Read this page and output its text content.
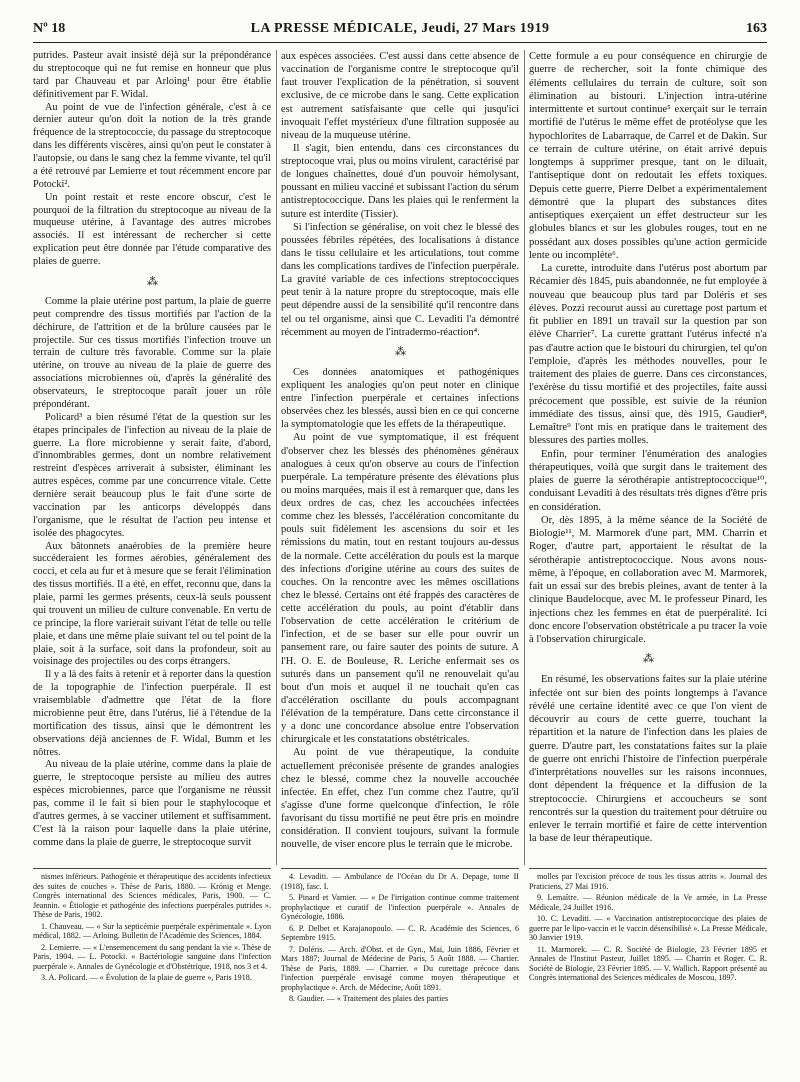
Nº 18	LA PRESSE MÉDICALE, Jeudi, 27 Mars 1919	163

putrides. Pasteur avait insisté déjà sur la prépondérance du streptocoque qui ne fut remise en honneur que plus tard par Chauveau et par Arloing¹ pour être établie définitivement par F. Widal.

Au point de vue de l'infection générale, c'est à ce dernier auteur qu'on doit la notion de la très grande fréquence de la streptococcie, du passage du streptocoque dans les différents viscères, ainsi qu'on peut le constater à l'autopsie, ou dans le sang chez la femme vivante, tel qu'il a été retrouvé par Lemierre et tout récemment encore par Potocki².

Un point restait et reste encore obscur, c'est le pourquoi de la filtration du streptocoque au niveau de la muqueuse utérine, à l'avantage des autres microbes associés. Il est intéressant de rechercher si cette explication peut être donnée par l'étude comparative des plaies de guerre.

⁂

Comme la plaie utérine post partum, la plaie de guerre peut comprendre des tissus mortifiés par l'action de la déchirure, de l'attrition et de la brûlure causées par le projectile. Sur ces tissus mortifiés l'infection trouve un terrain de culture très favorable. Comme sur la plaie utérine, on trouve au niveau de la plaie de guerre des associations microbiennes où, d'après la généralité des observateurs, le streptocoque paraît jouer un rôle prépondérant.

Policard³ a bien résumé l'état de la question sur les étapes principales de l'infection au niveau de la plaie de guerre. La flore microbienne y serait faite, d'abord, d'innombrables germes, dont un nombre relativement restreint d'espèces arriverait à subsister, éliminant les autres espèces, comme par une concurrence vitale. Cette dernière serait beaucoup plus le fait d'une sorte de vaccination par les anticorps développés dans l'organisme, que le résultat de l'action peu intense et isolée des phagocytes.

Aux bâtonnets anaérobies de la première heure succéderaient les formes aérobies, généralement des cocci, et cela au fur et à mesure que se ferait l'élimination des tissus mortifiés. Il a été, en effet, reconnu que, dans la plaie, parmi les germes présents, ceux-là seuls poussent qui trouvent un milieu de culture convenable. En vertu de ce principe, la flore varierait suivant l'état de telle ou telle plaie, et dans une même plaie suivant tel ou tel point de la plaie, soit à la surface, soit dans la profondeur, soit au voisinage des projectiles ou des corps étrangers.

Il y a là des faits à retenir et à reporter dans la question de la topographie de l'infection puerpérale. Il est vraisemblable d'admettre que l'état de la flore microbienne peut être, dans l'utérus, lié à l'étendue de la mortification des tissus, ainsi que le démontrent les observations déjà anciennes de F. Widal, Bumm et les nôtres.

Au niveau de la plaie utérine, comme dans la plaie de guerre, le streptocoque persiste au milieu des autres espèces microbiennes, parce que l'organisme ne réussit pas, comme il le fait si bien pour le staphylocoque et d'autres germes, à se vacciner utilement et suffisamment. C'est là la raison pour laquelle dans la plaie utérine, comme dans la plaie de guerre, le streptocoque survit

aux espèces associées. C'est aussi dans cette absence de vaccination de l'organisme contre le streptocoque qu'il faut trouver l'explication de la pénétration, si souvent exclusive, de ce microbe dans le sang. Cette explication est autrement satisfaisante que celle qui jusqu'ici invoquait l'effet mystérieux d'une filtration supposée au niveau de la muqueuse utérine.

Il s'agit, bien entendu, dans ces circonstances du streptocoque vrai, plus ou moins virulent, caractérisé par de longues chaînettes, doué d'un pouvoir hémolysant, poussant en milieu vacciné et subissant l'action du sérum antistreptococcique. Dans les plaies qui le renferment la suture est interdite (Tissier).

Si l'infection se généralise, on voit chez le blessé des poussées fébriles répétées, des localisations à distance dans le tissu cellulaire et les articulations, tout comme dans les complications tardives de l'infection puerpérale. La gravité variable de ces infections streptococciques peut tenir à la nature propre du streptocoque, mais elle peut dépendre aussi de la sensibilité qu'il rencontre dans tel ou tel organisme, ainsi que C. Levaditi l'a démontré récemment au moyen de l'intradermo-réaction⁴.

⁂

Ces données anatomiques et pathogéniques expliquent les analogies qu'on peut noter en clinique entre l'infection puerpérale et certaines infections observées chez les blessés, aussi bien en ce qui concerne la symptomatologie que les effets de la thérapeutique.

Au point de vue symptomatique, il est fréquent d'observer chez les blessés des phénomènes généraux analogues à ceux qu'on observe au cours de l'infection puerpérale. La température présente des élévations plus ou moins marquées, mais il est à remarquer que, dans les deux ordres de cas, chez les accouchées infectées comme chez les blessés, l'accélération concomitante du pouls suit fidèlement les ascensions du soir et les rémissions du matin, tout en restant toujours au-dessus de la normale. Cette accélération du pouls est la marque des infections d'origine utérine au cours des suites de couches. On la rencontre avec les mêmes oscillations chez le blessé. Certains ont été frappés des caractères de cette accélération du pouls, au point d'établir dans l'observation de cette accélération le critérium de l'infection, et de se baser sur elle pour ouvrir un pansement rare, ou faire sauter des points de suture. A l'H. O. E. de Bouleuse, R. Leriche enfermait ses os suturés dans un pansement qu'il ne renouvelait qu'au bout d'un mois et auquel il ne touchait qu'en cas d'accélération oscillante du pouls accompagnant l'élévation de la température. Dans cette circonstance il y a donc une concordance absolue entre l'observation chirurgicale et les constatations obstétricales.

Au point de vue thérapeutique, la conduite actuellement préconisée présente de grandes analogies chez le blessé, comme chez la nouvelle accouchée infectée. En effet, chez l'un comme chez l'autre, qu'il s'agisse d'une forme quelconque d'infection, le rôle favorisant du tissu mortifié ne peut être pris en moindre considération. Il convient toujours, suivant la formule nouvelle, de viser encore plus le terrain que le microbe.

Cette formule a eu pour conséquence en chirurgie de guerre de rechercher, soit la fonte chimique des éléments cellulaires du terrain de culture, soit son élimination au bistouri. L'injection intra-utérine intermittente et surtout continue⁵ exerçait sur le terrain mortifié de l'utérus le même effet de protéolyse que les hypochlorites de Labarraque, de Carrel et de Dakin. Sur ce terrain de culture utérine, on était arrivé depuis longtemps à supprimer presque, tant on le diluait, l'antiseptique dont on redoutait les effets toxiques. Depuis cette guerre, Pierre Delbet a expérimentalement démontré que la plupart des substances dites antiseptiques exerçaient un effet destructeur sur les globules blancs et sur les globules rouges, tout en ne possédant aux doses possibles qu'une action germicide lente ou incomplète⁶.

La curette, introduite dans l'utérus post abortum par Récamier dès 1845, puis abandonnée, ne fut employée à nouveau que beaucoup plus tard par Doléris et ses élèves. Pozzi recourut aussi au curettage post partum et fit publier en 1891 un travail sur la question par son élève Charrier⁷. La curette grattant l'utérus infecté n'a pas d'autre action que le bistouri du chirurgien, tel qu'on l'emploie, d'après les méthodes nouvelles, pour le traitement des plaies de guerre. Dans ces circonstances, l'exérèse du tissu mortifié et des projectiles, faite aussi précocement que possible, est suivie de la réunion immédiate des tissus, ainsi que, dès 1915, Gaudier⁸, Lemaître⁹ l'ont mis en pratique dans le traitement des blessures des parties molles.

Enfin, pour terminer l'énumération des analogies thérapeutiques, voilà que surgit dans le traitement des plaies de guerre la sérothérapie antistreptococcique¹⁰, conduisant Levaditi à des résultats très dignes d'être pris en considération.

Or, dès 1895, à la même séance de la Société de Biologie¹¹, M. Marmorek d'une part, MM. Charrin et Roger, d'autre part, apportaient le résultat de la sérothérapie antistreptococcique. Nous avons nous-même, à l'époque, en collaboration avec M. Marmorek, fait un essai sur des brebis pleines, avant de tenter à la clinique Baudelocque, avec M. le professeur Pinard, les injections chez les femmes en état de puerpéralité. Ici donc encore l'observation obstétricale a pu tracer la voie à l'observation chirurgicale.

⁂

En résumé, les observations faites sur la plaie utérine infectée ont sur bien des points longtemps à l'avance révélé une certaine identité avec ce que l'on vient de découvrir au cours de cette guerre, touchant la répartition et la nature de l'infection dans les plaies de guerre. D'autre part, les constatations faites sur la plaie de guerre ont enrichi l'histoire de l'infection puerpérale d'interprétations nouvelles sur les raisons inconnues, dont dépendent la fréquence et la diffusion de la streptococcie. Chirurgiens et accoucheurs se sont rencontrés sur la question du traitement pour détruire ou enlever le terrain mortifié et faire de cette intervention la base de leur thérapeutique.

nismes inférieurs. Pathogénie et thérapeutique des accidents infectieux des suites de couches ». Thèse de Paris, 1880. — Krönig et Menge. Congrès international des Sciences médicales, Paris, 1900. — C. Jeannin. « Étiologie et pathogénie des infections puerpérales putrides ». Thèse de Paris, 1902.
1. Chauveau. — « Sur la septicémie puerpérale expérimentale ». Lyon médical, 1882. — Arloing. Bulletin de l'Académie des Sciences, 1884.
2. Lemierre. — « L'ensemencement du sang pendant la vie ». Thèse de Paris, 1904. — L. Potocki. « Bactériologie sanguine dans l'infection puerpérale ». Annales de Gynécologie et d'Obstétrique, 1918, nos 3 et 4.
3. A. Policard. — « Évolution de la plaie de guerre », Paris 1918.
4. Levaditi. — Ambulance de l'Océan du Dr A. Depage, tome II (1918), fasc. I.
5. Pinard et Varnier. — « De l'irrigation continue comme traitement prophylactique et curatif de l'infection puerpérale ». Annales de Gynécologie, 1886.
6. P. Delbet et Karajanopoulo. — C. R. Académie des Sciences, 6 Septembre 1915.
7. Doléris. — Arch. d'Obst. et de Gyn., Mai, Juin 1886, Février et Mars 1887; Journal de Médecine de Paris, 5 Août 1888. — Chartier. Thèse de Paris, 1889. — Charrier. « Du curettage précoce dans l'infection puerpérale envisagé comme moyen thérapeutique et prophylactique ». Arch. de Médecine, Août 1891.
8. Gaudier. — « Traitement des plaies des parties
molles par l'excision précoce de tous les tissus attrits ». Journal des Praticiens, 27 Mai 1916.
9. Lemaître. — Réunion médicale de la Ve armée, in La Presse Médicale, 24 Juillet 1916.
10. C. Levaditi. — « Vaccination antistreptococcique des plaies de guerre par le lipo-vaccin et le vaccin désensibilisé ». La Presse Médicale, 30 Janvier 1919.
11. Marmorek. — C. R. Société de Biologie, 23 Février 1895 et Annales de l'Institut Pasteur, Juillet 1895. — Charrin et Roger. C. R. Société de Biologie, 23 Février 1895. — V. Wallich. Rapport présenté au Congrès international des Sciences médicales de Moscou, 1897.
